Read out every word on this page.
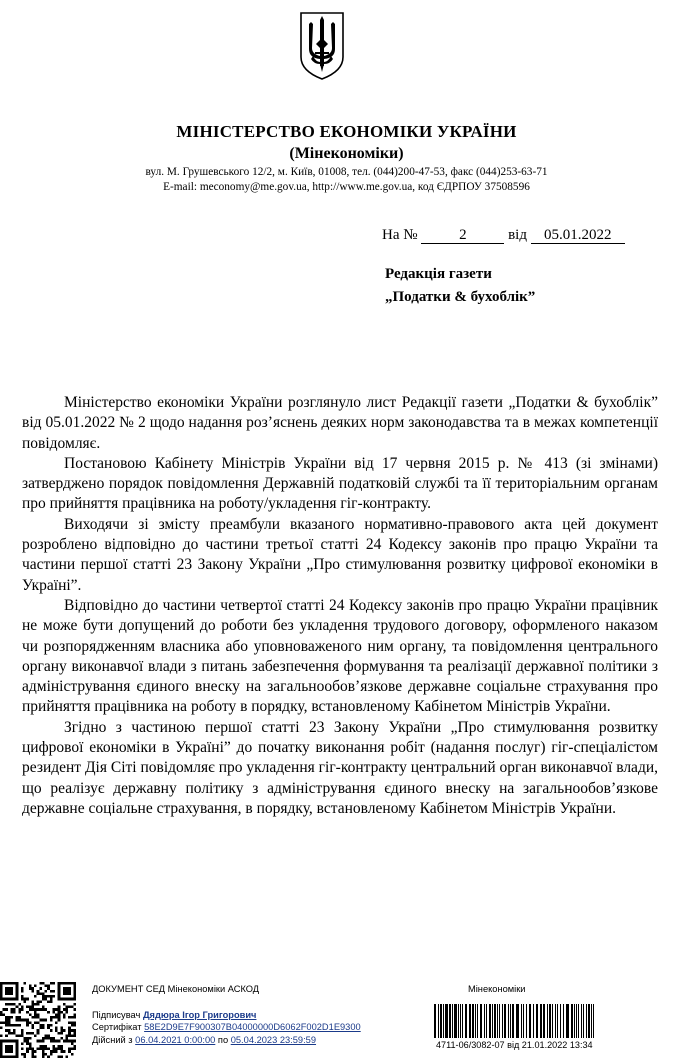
МІНІСТЕРСТВО ЕКОНОМІКИ УКРАЇНИ
(Мінекономіки)
вул. М. Грушевського 12/2, м. Київ, 01008, тел. (044)200-47-53, факс (044)253-63-71
E-mail: meconomy@me.gov.ua, http://www.me.gov.ua, код ЄДРПОУ 37508596
На №	2	від 05.01.2022
Редакція газети
„Податки & бухоблік”

Міністерство економіки України розглянуло лист Редакції газети „Податки & бухоблік” від 05.01.2022 № 2 щодо надання роз’яснень деяких норм законодавства та в межах компетенції повідомляє.

Постановою Кабінету Міністрів України від 17 червня 2015 р. № 413 (зі змінами) затверджено порядок повідомлення Державній податковій службі та її територіальним органам про прийняття працівника на роботу/укладення гіг-контракту.

Виходячи зі змісту преамбули вказаного нормативно-правового акта цей документ розроблено відповідно до частини третьої статті 24 Кодексу законів про працю України та частини першої статті 23 Закону України „Про стимулювання розвитку цифрової економіки в Україні”.

Відповідно до частини четвертої статті 24 Кодексу законів про працю України працівник не може бути допущений до роботи без укладення трудового договору, оформленого наказом чи розпорядженням власника або уповноваженого ним органу, та повідомлення центрального органу виконавчої влади з питань забезпечення формування та реалізації державної політики з адміністрування єдиного внеску на загальнообов’язкове державне соціальне страхування про прийняття працівника на роботу в порядку, встановленому Кабінетом Міністрів України.

Згідно з частиною першої статті 23 Закону України „Про стимулювання розвитку цифрової економіки в Україні” до початку виконання робіт (надання послуг) гіг-спеціалістом резидент Дія Сіті повідомляє про укладення гіг-контракту центральний орган виконавчої влади, що реалізує державну політику з адміністрування єдиного внеску на загальнообов’язкове державне соціальне страхування, в порядку, встановленому Кабінетом Міністрів України.

ДОКУМЕНТ СЕД Мінекономіки АСКОД
Підписувач Дядюра Ігор Григорович
Сертифікат 58E2D9E7F900307B04000000D6062F002D1E9300
Дійсний з 06.04.2021 0:00:00 по 05.04.2023 23:59:59
Мінекономіки
4711-06/3082-07 від 21.01.2022 13:34
